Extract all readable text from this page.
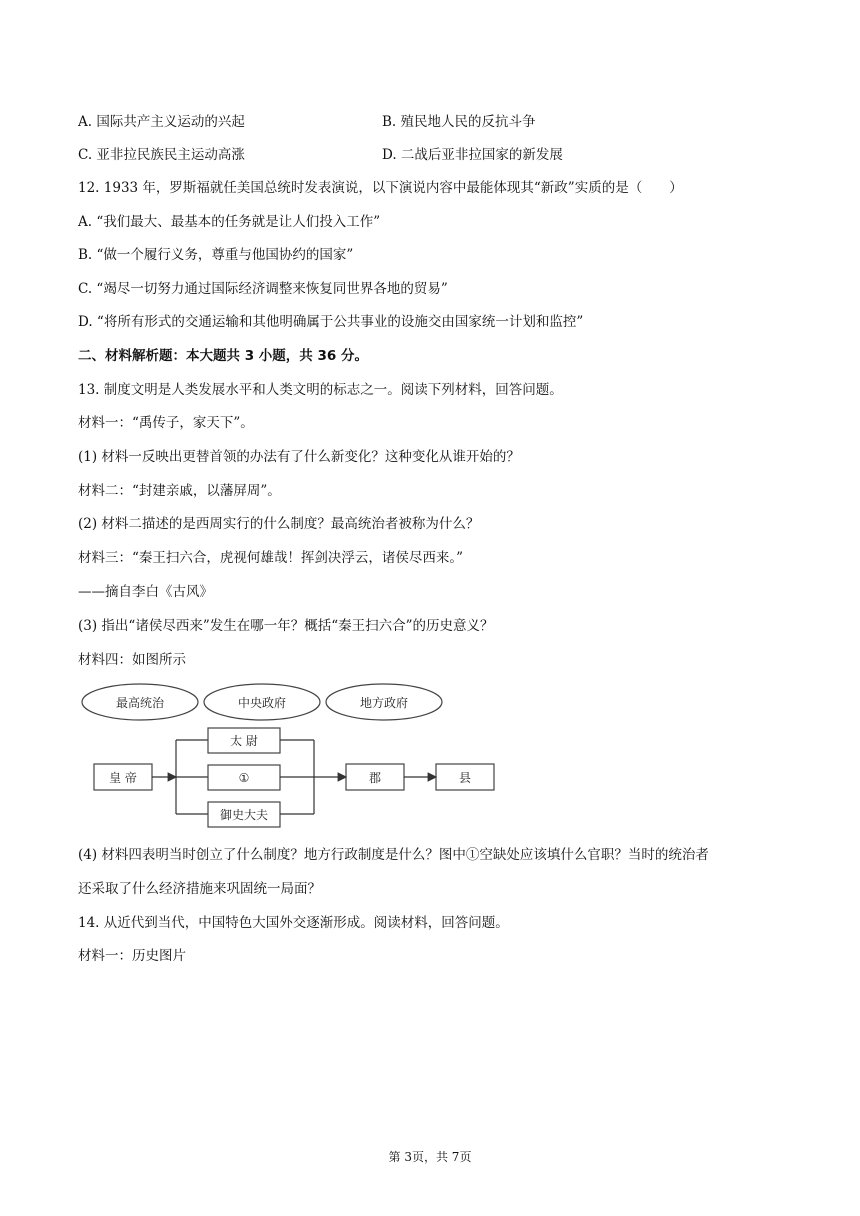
A. 国际共产主义运动的兴起	B. 殖民地人民的反抗斗争
C. 亚非拉民族民主运动高涨	D. 二战后亚非拉国家的新发展
12. 1933 年，罗斯福就任美国总统时发表演说，以下演说内容中最能体现其“新政”实质的是（　　）
A. “我们最大、最基本的任务就是让人们投入工作”
B. “做一个履行义务，尊重与他国协约的国家”
C. “竭尽一切努力通过国际经济调整来恢复同世界各地的贸易”
D. “将所有形式的交通运输和其他明确属于公共事业的设施交由国家统一计划和监控”
二、材料解析题：本大题共 3 小题，共 36 分。
13. 制度文明是人类发展水平和人类文明的标志之一。阅读下列材料，回答问题。
材料一：“禹传子，家天下”。
(1) 材料一反映出更替首领的办法有了什么新变化？这种变化从谁开始的？
材料二：“封建亲戚，以藩屏周”。
(2) 材料二描述的是西周实行的什么制度？最高统治者被称为什么？
材料三：“秦王扫六合，虎视何雄哉！挥剑决浮云，诸侯尽西来。”
——摘自李白《古风》
(3) 指出“诸侯尽西来”发生在哪一年？概括“秦王扫六合”的历史意义？
材料四：如图所示
最高统治	中央政府	地方政府
皇 帝
太 尉
①
御史大夫
郡	县
(4) 材料四表明当时创立了什么制度？地方行政制度是什么？图中①空缺处应该填什么官职？当时的统治者
还采取了什么经济措施来巩固统一局面？
14. 从近代到当代，中国特色大国外交逐渐形成。阅读材料，回答问题。
材料一：历史图片
第 3页，共 7页
